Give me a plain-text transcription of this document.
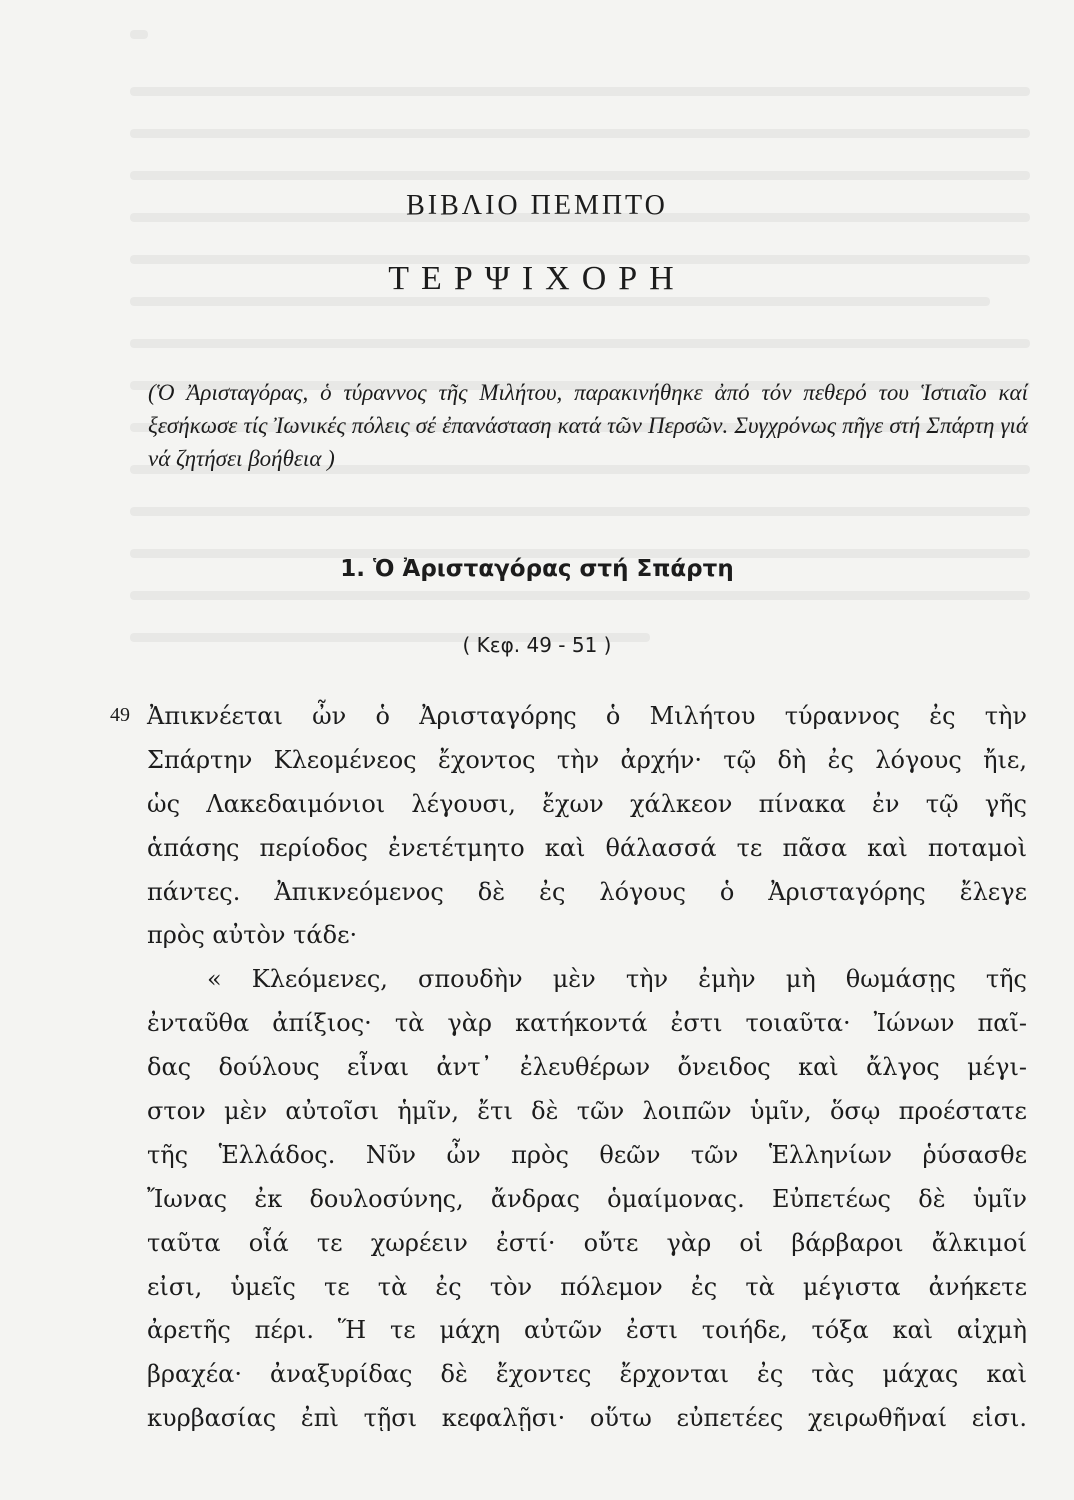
ΒΙΒΛΙΟ ΠΕΜΠΤΟ
ΤΕΡΨΙΧΟΡΗ
(Ὁ Ἀρισταγόρας, ὁ τύραννος τῆς Μιλήτου, παρακινήθηκε ἀπό τόν πεθερό του Ἱστιαῖο καί ξεσήκωσε τίς Ἰωνικές πόλεις σέ ἐπανάσταση κατά τῶν Περσῶν. Συγχρόνως πῆγε στή Σπάρτη γιά νά ζητήσει βοήθεια )
1. Ὁ Ἀρισταγόρας στή Σπάρτη
( Κεφ. 49 - 51 )
49 Ἀπικνέεται ὦν ὁ Ἀρισταγόρης ὁ Μιλήτου τύραννος ἐς τὴν
Σπάρτην Κλεομένεος ἔχοντος τὴν ἀρχήν· τῷ δὴ ἐς λόγους ἤιε,
ὡς Λακεδαιμόνιοι λέγουσι, ἔχων χάλκεον πίνακα ἐν τῷ γῆς
ἁπάσης περίοδος ἐνετέτμητο καὶ θάλασσά τε πᾶσα καὶ ποταμοὶ
πάντες. Ἀπικνεόμενος δὲ ἐς λόγους ὁ Ἀρισταγόρης ἔλεγε
πρὸς αὐτὸν τάδε·
« Κλεόμενες, σπουδὴν μὲν τὴν ἐμὴν μὴ θωμάσῃς τῆς
ἐνταῦθα ἀπίξιος· τὰ γὰρ κατήκοντά ἐστι τοιαῦτα· Ἰώνων παῖ-
δας δούλους εἶναι ἀντ᾽ ἐλευθέρων ὄνειδος καὶ ἄλγος μέγι-
στον μὲν αὐτοῖσι ἡμῖν, ἔτι δὲ τῶν λοιπῶν ὑμῖν, ὅσῳ προέστατε
τῆς Ἑλλάδος. Νῦν ὦν πρὸς θεῶν τῶν Ἑλληνίων ῥύσασθε
Ἴωνας ἐκ δουλοσύνης, ἄνδρας ὁμαίμονας. Εὐπετέως δὲ ὑμῖν
ταῦτα οἷά τε χωρέειν ἐστί· οὔτε γὰρ οἱ βάρβαροι ἄλκιμοί
εἰσι, ὑμεῖς τε τὰ ἐς τὸν πόλεμον ἐς τὰ μέγιστα ἀνήκετε
ἀρετῆς πέρι. Ἥ τε μάχη αὐτῶν ἐστι τοιήδε, τόξα καὶ αἰχμὴ
βραχέα· ἀναξυρίδας δὲ ἔχοντες ἔρχονται ἐς τὰς μάχας καὶ
κυρβασίας ἐπὶ τῇσι κεφαλῇσι· οὕτω εὐπετέες χειρωθῆναί εἰσι.
